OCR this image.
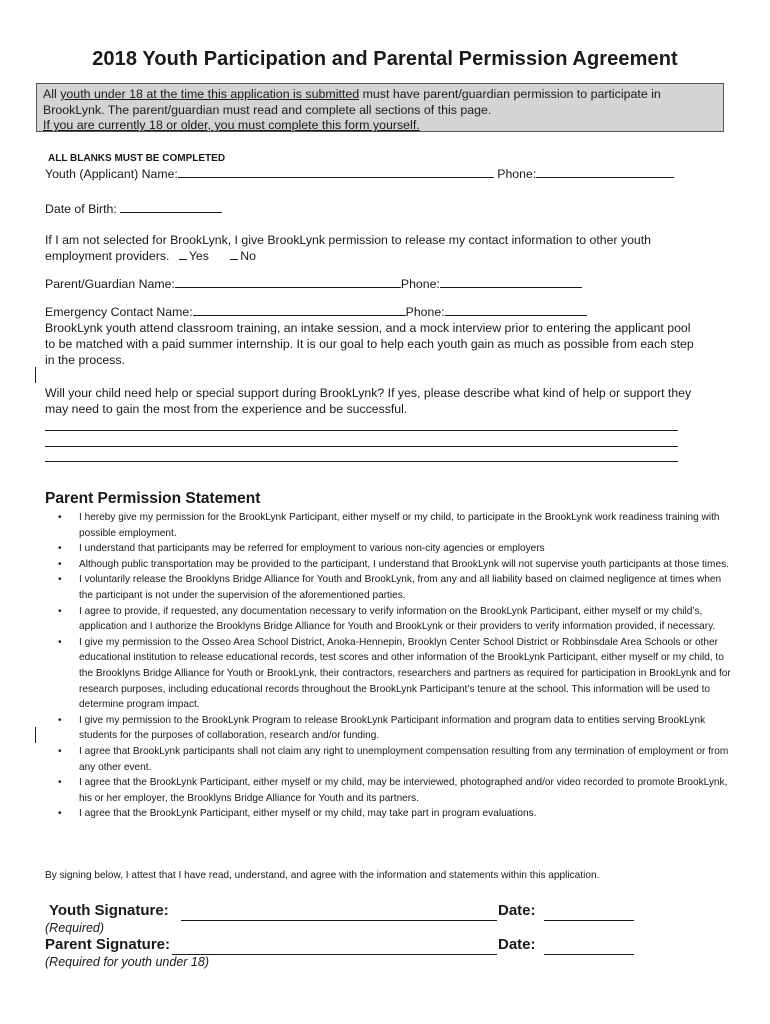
2018 Youth Participation and Parental Permission Agreement
All youth under 18 at the time this application is submitted must have parent/guardian permission to participate in
BrookLynk. The parent/guardian must read and complete all sections of this page.
If you are currently 18 or older, you must complete this form yourself.
ALL BLANKS MUST BE COMPLETED
Youth (Applicant) Name:	Phone:
Date of Birth:
If I am not selected for BrookLynk, I give BrookLynk permission to release my contact information to other youth
employment providers. Yes	No
Parent/Guardian Name:	Phone:
Emergency Contact Name:	Phone:
BrookLynk youth attend classroom training, an intake session, and a mock interview prior to entering the applicant pool
to be matched with a paid summer internship. It is our goal to help each youth gain as much as possible from each step
in the process.
Will your child need help or special support during BrookLynk? If yes, please describe what kind of help or support they
may need to gain the most from the experience and be successful.
Parent Permission Statement
• I hereby give my permission for the BrookLynk Participant, either myself or my child, to participate in the BrookLynk work readiness training with possible employment.
• I understand that participants may be referred for employment to various non-city agencies or employers
• Although public transportation may be provided to the participant, I understand that BrookLynk will not supervise youth participants at those times.
• I voluntarily release the Brooklyns Bridge Alliance for Youth and BrookLynk, from any and all liability based on claimed negligence at times when the participant is not under the supervision of the aforementioned parties.
• I agree to provide, if requested, any documentation necessary to verify information on the BrookLynk Participant, either myself or my child’s, application and I authorize the Brooklyns Bridge Alliance for Youth and BrookLynk or their providers to verify information provided, if necessary.
• I give my permission to the Osseo Area School District, Anoka-Hennepin, Brooklyn Center School District or Robbinsdale Area Schools or other educational institution to release educational records, test scores and other information of the BrookLynk Participant, either myself or my child, to the Brooklyns Bridge Alliance for Youth or BrookLynk, their contractors, researchers and partners as required for participation in BrookLynk and for research purposes, including educational records throughout the BrookLynk Participant’s tenure at the school. This information will be used to determine program impact.
• I give my permission to the BrookLynk Program to release BrookLynk Participant information and program data to entities serving BrookLynk students for the purposes of collaboration, research and/or funding.
• I agree that BrookLynk participants shall not claim any right to unemployment compensation resulting from any termination of employment or from any other event.
• I agree that the BrookLynk Participant, either myself or my child, may be interviewed, photographed and/or video recorded to promote BrookLynk, his or her employer, the Brooklyns Bridge Alliance for Youth and its partners.
• I agree that the BrookLynk Participant, either myself or my child, may take part in program evaluations.
By signing below, I attest that I have read, understand, and agree with the information and statements within this application.
Youth Signature:	Date:
(Required)
Parent Signature:	Date:
(Required for youth under 18)
